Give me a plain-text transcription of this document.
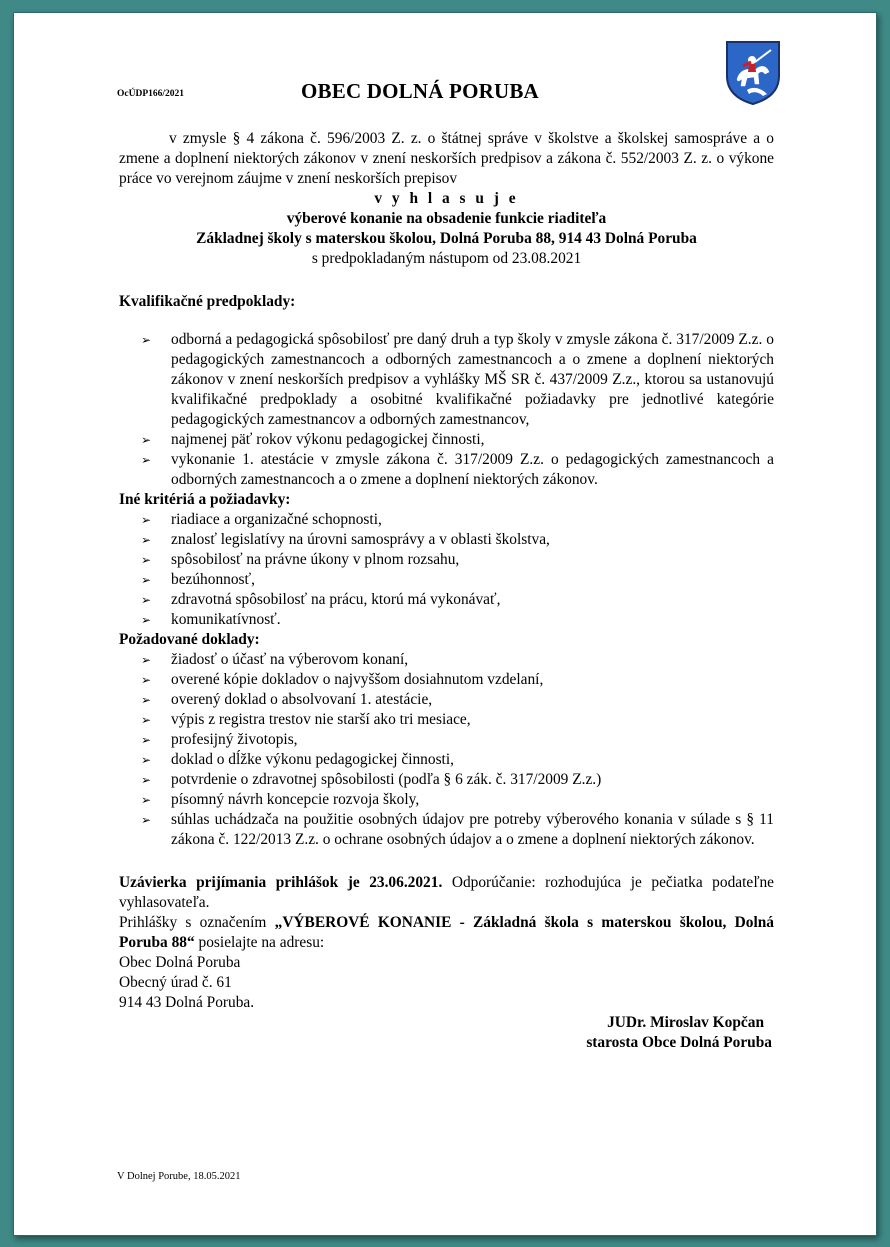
OcÚDP166/2021	OBEC DOLNÁ PORUBA

v zmysle § 4 zákona č. 596/2003 Z. z. o štátnej správe v školstve a školskej samospráve a o zmene a doplnení niektorých zákonov v znení neskorších predpisov a zákona č. 552/2003 Z. z. o výkone práce vo verejnom záujme v znení neskorších prepisov

v y h l a s u j e

výberové konanie na obsadenie funkcie riaditeľa

Základnej školy s materskou školou, Dolná Poruba 88, 914 43 Dolná Poruba

s predpokladaným nástupom od 23.08.2021

Kvalifikačné predpoklady:

➢ odborná a pedagogická spôsobilosť pre daný druh a typ školy v zmysle zákona č. 317/2009 Z.z. o pedagogických zamestnancoch a odborných zamestnancoch a o zmene a doplnení niektorých zákonov v znení neskorších predpisov a vyhlášky MŠ SR č. 437/2009 Z.z., ktorou sa ustanovujú kvalifikačné predpoklady a osobitné kvalifikačné požiadavky pre jednotlivé kategórie pedagogických zamestnancov a odborných zamestnancov,
➢ najmenej päť rokov výkonu pedagogickej činnosti,
➢ vykonanie 1. atestácie v zmysle zákona č. 317/2009 Z.z. o pedagogických zamestnancoch a odborných zamestnancoch a o zmene a doplnení niektorých zákonov.

Iné kritériá a požiadavky:

➢ riadiace a organizačné schopnosti,
➢ znalosť legislatívy na úrovni samosprávy a v oblasti školstva,
➢ spôsobilosť na právne úkony v plnom rozsahu,
➢ bezúhonnosť,
➢ zdravotná spôsobilosť na prácu, ktorú má vykonávať,
➢ komunikatívnosť.

Požadované doklady:

➢ žiadosť o účasť na výberovom konaní,
➢ overené kópie dokladov o najvyššom dosiahnutom vzdelaní,
➢ overený doklad o absolvovaní 1. atestácie,
➢ výpis z registra trestov nie starší ako tri mesiace,
➢ profesijný životopis,
➢ doklad o dĺžke výkonu pedagogickej činnosti,
➢ potvrdenie o zdravotnej spôsobilosti (podľa § 6 zák. č. 317/2009 Z.z.)
➢ písomný návrh koncepcie rozvoja školy,
➢ súhlas uchádzača na použitie osobných údajov pre potreby výberového konania v súlade s § 11 zákona č. 122/2013 Z.z. o ochrane osobných údajov a o zmene a doplnení niektorých zákonov.

Uzávierka prijímania prihlášok je 23.06.2021. Odporúčanie: rozhodujúca je pečiatka podateľne vyhlasovateľa.

Prihlášky s označením „VÝBEROVÉ KONANIE - Základná škola s materskou školou, Dolná Poruba 88“ posielajte na adresu:

Obec Dolná Poruba

Obecný úrad č. 61

914 43 Dolná Poruba.

JUDr. Miroslav Kopčan

starosta Obce Dolná Poruba

V Dolnej Porube, 18.05.2021
